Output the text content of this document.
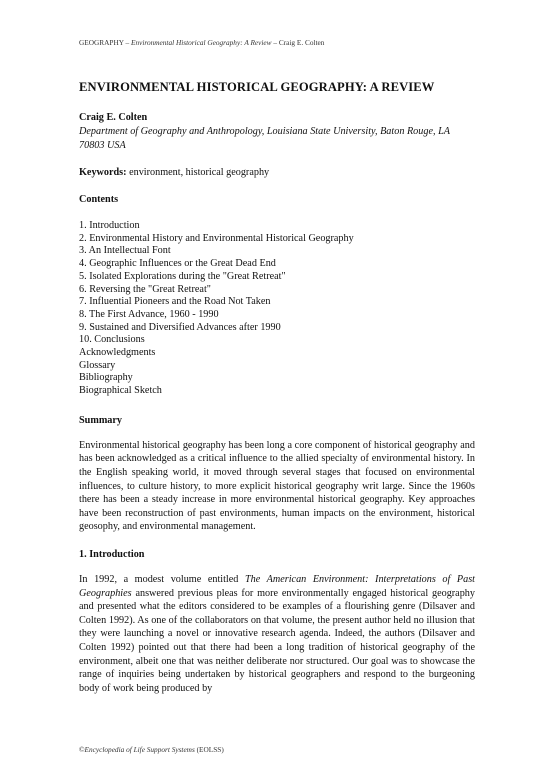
GEOGRAPHY – Environmental Historical Geography: A Review – Craig E. Colten
ENVIRONMENTAL HISTORICAL GEOGRAPHY: A REVIEW
Craig E. Colten
Department of Geography and Anthropology, Louisiana State University, Baton Rouge, LA 70803 USA
Keywords: environment, historical geography
Contents
1. Introduction
2. Environmental History and Environmental Historical Geography
3. An Intellectual Font
4. Geographic Influences or the Great Dead End
5. Isolated Explorations during the "Great Retreat"
6. Reversing the "Great Retreat"
7. Influential Pioneers and the Road Not Taken
8. The First Advance, 1960 - 1990
9. Sustained and Diversified Advances after 1990
10. Conclusions
Acknowledgments
Glossary
Bibliography
Biographical Sketch
Summary

Environmental historical geography has been long a core component of historical geography and has been acknowledged as a critical influence to the allied specialty of environmental history. In the English speaking world, it moved through several stages that focused on environmental influences, to culture history, to more explicit historical geography writ large. Since the 1960s there has been a steady increase in more environmental historical geography. Key approaches have been reconstruction of past environments, human impacts on the environment, historical geosophy, and environmental management.

1. Introduction

In 1992, a modest volume entitled The American Environment: Interpretations of Past Geographies answered previous pleas for more environmentally engaged historical geography and presented what the editors considered to be examples of a flourishing genre (Dilsaver and Colten 1992). As one of the collaborators on that volume, the present author held no illusion that they were launching a novel or innovative research agenda. Indeed, the authors (Dilsaver and Colten 1992) pointed out that there had been a long tradition of historical geography of the environment, albeit one that was neither deliberate nor structured. Our goal was to showcase the range of inquiries being undertaken by historical geographers and respond to the burgeoning body of work being produced by

©Encyclopedia of Life Support Systems (EOLSS)
